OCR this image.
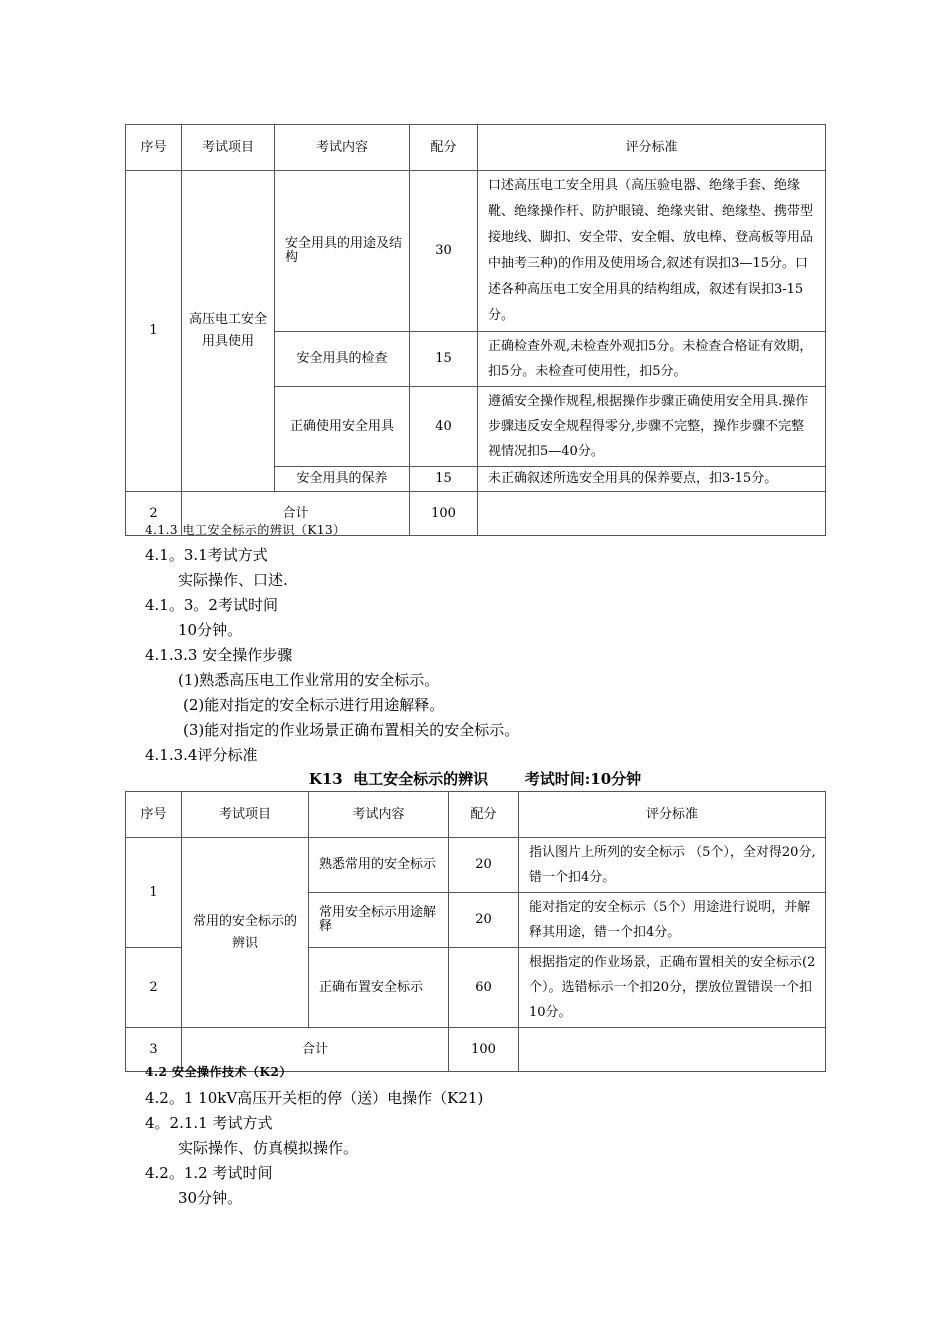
序号	考试项目	考试内容	配分	评分标准
1	高压电工安全用具使用	安全用具的用途及结构	30	口述高压电工安全用具（高压验电器、绝缘手套、绝缘靴、绝缘操作杆、防护眼镜、绝缘夹钳、绝缘垫、携带型接地线、脚扣、安全带、安全帽、放电棒、登高板等用品中抽考三种)的作用及使用场合,叙述有误扣3—15分。口述各种高压电工安全用具的结构组成，叙述有误扣3-15分。
		安全用具的检查	15	正确检查外观,未检查外观扣5分。未检查合格证有效期，扣5分。未检查可使用性，扣5分。
		正确使用安全用具	40	遵循安全操作规程,根据操作步骤正确使用安全用具.操作步骤违反安全规程得零分,步骤不完整，操作步骤不完整视情况扣5—40分。
		安全用具的保养	15	未正确叙述所选安全用具的保养要点，扣3-15分。
2	合计		100	
4.1.3 电工安全标示的辨识（K13）
4.1。3.1考试方式
实际操作、口述.
4.1。3。2考试时间
10分钟。
4.1.3.3 安全操作步骤
(1)熟悉高压电工作业常用的安全标示。
(2)能对指定的安全标示进行用途解释。
(3)能对指定的作业场景正确布置相关的安全标示。
4.1.3.4评分标准
K13  电工安全标示的辨识       考试时间:10分钟
序号	考试项目	考试内容	配分	评分标准
1	常用的安全标示的辨识	熟悉常用的安全标示	20	指认图片上所列的安全标示 （5个），全对得20分,错一个扣4分。
		常用安全标示用途解释	20	能对指定的安全标示（5个）用途进行说明，并解释其用途，错一个扣4分。
2		正确布置安全标示	60	根据指定的作业场景，正确布置相关的安全标示(2个）。选错标示一个扣20分，摆放位置错误一个扣10分。
3	合计		100	
4.2 安全操作技术（K2）
4.2。1 10kV高压开关柜的停（送）电操作（K21)
4。2.1.1 考试方式
实际操作、仿真模拟操作。
4.2。1.2 考试时间
30分钟。
